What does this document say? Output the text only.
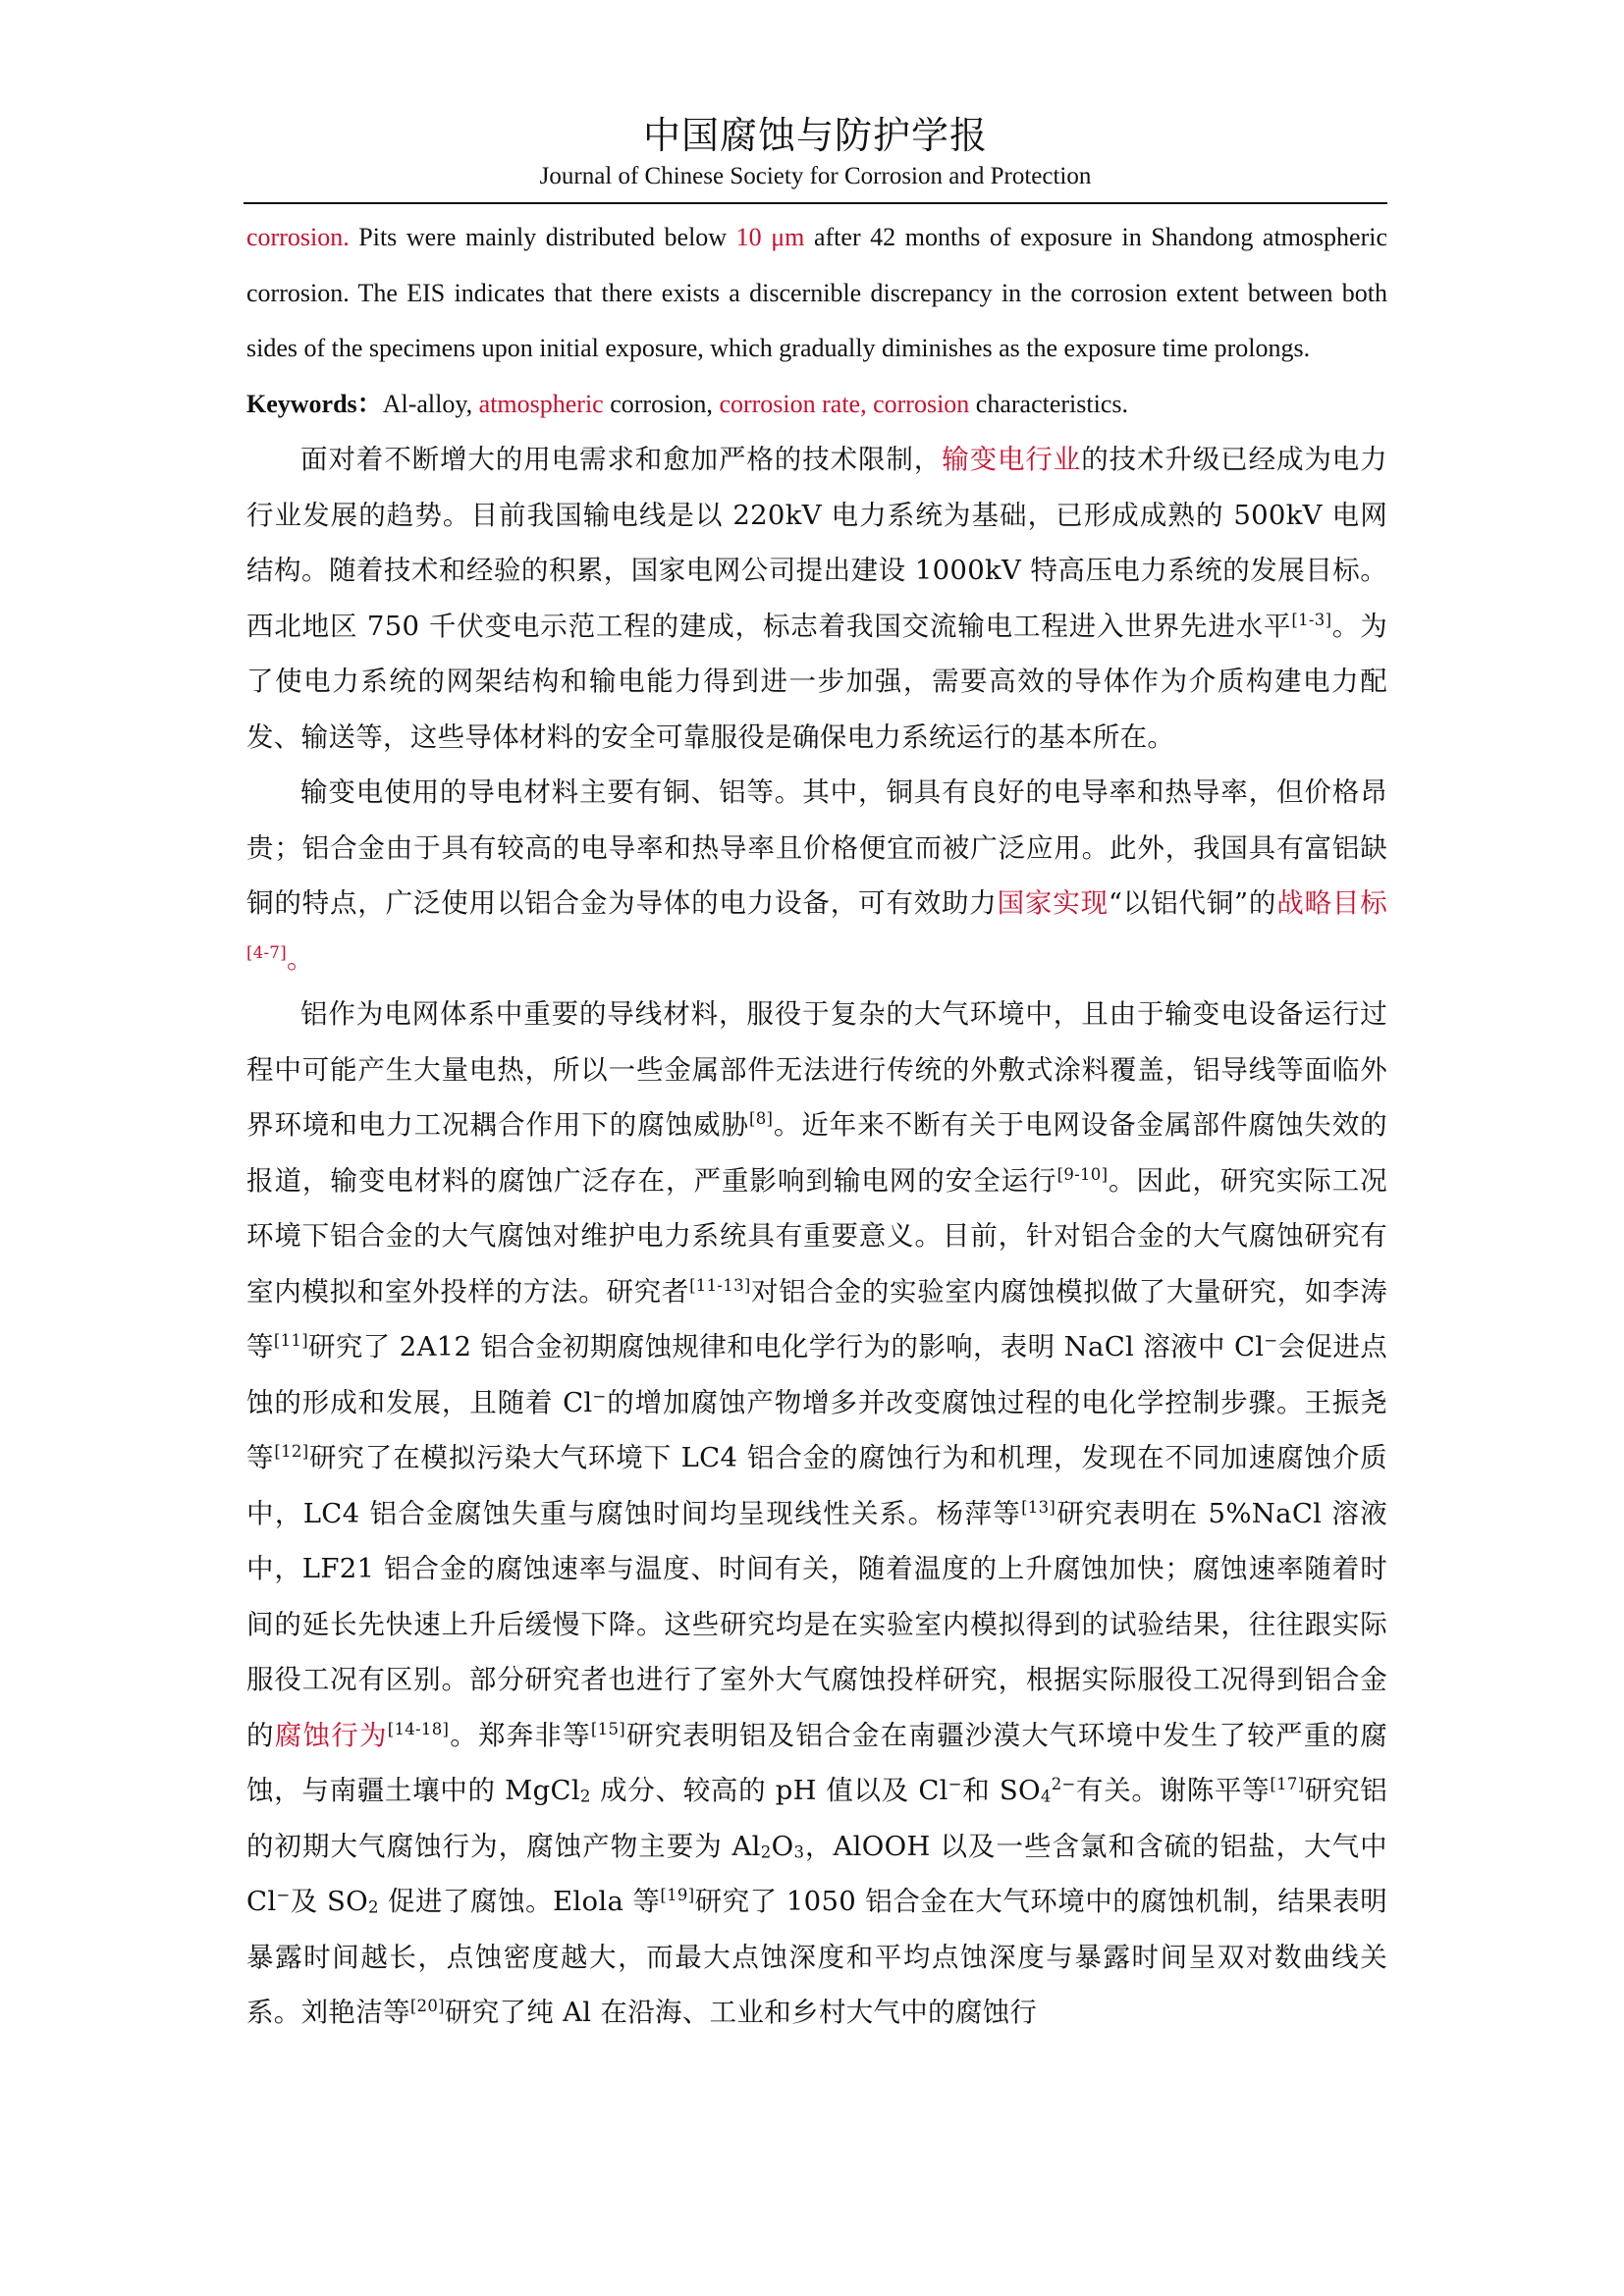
中国腐蚀与防护学报
Journal of Chinese Society for Corrosion and Protection

corrosion. Pits were mainly distributed below 10 μm after 42 months of exposure in Shandong atmospheric corrosion. The EIS indicates that there exists a discernible discrepancy in the corrosion extent between both sides of the specimens upon initial exposure, which gradually diminishes as the exposure time prolongs.

Keywords：Al-alloy, atmospheric corrosion, corrosion rate, corrosion characteristics.

面对着不断增大的用电需求和愈加严格的技术限制，输变电行业的技术升级已经成为电力行业发展的趋势。目前我国输电线是以 220kV 电力系统为基础，已形成成熟的 500kV 电网结构。随着技术和经验的积累，国家电网公司提出建设 1000kV 特高压电力系统的发展目标。西北地区 750 千伏变电示范工程的建成，标志着我国交流输电工程进入世界先进水平[1-3]。为了使电力系统的网架结构和输电能力得到进一步加强，需要高效的导体作为介质构建电力配发、输送等，这些导体材料的安全可靠服役是确保电力系统运行的基本所在。

输变电使用的导电材料主要有铜、铝等。其中，铜具有良好的电导率和热导率，但价格昂贵；铝合金由于具有较高的电导率和热导率且价格便宜而被广泛应用。此外，我国具有富铝缺铜的特点，广泛使用以铝合金为导体的电力设备，可有效助力国家实现“以铝代铜”的战略目标[4-7]。

铝作为电网体系中重要的导线材料，服役于复杂的大气环境中，且由于输变电设备运行过程中可能产生大量电热，所以一些金属部件无法进行传统的外敷式涂料覆盖，铝导线等面临外界环境和电力工况耦合作用下的腐蚀威胁[8]。近年来不断有关于电网设备金属部件腐蚀失效的报道，输变电材料的腐蚀广泛存在，严重影响到输电网的安全运行[9-10]。因此，研究实际工况环境下铝合金的大气腐蚀对维护电力系统具有重要意义。目前，针对铝合金的大气腐蚀研究有室内模拟和室外投样的方法。研究者[11-13]对铝合金的实验室内腐蚀模拟做了大量研究，如李涛等[11]研究了 2A12 铝合金初期腐蚀规律和电化学行为的影响，表明 NaCl 溶液中 Cl−会促进点蚀的形成和发展，且随着 Cl−的增加腐蚀产物增多并改变腐蚀过程的电化学控制步骤。王振尧等[12]研究了在模拟污染大气环境下 LC4 铝合金的腐蚀行为和机理，发现在不同加速腐蚀介质中，LC4 铝合金腐蚀失重与腐蚀时间均呈现线性关系。杨萍等[13]研究表明在 5%NaCl 溶液中，LF21 铝合金的腐蚀速率与温度、时间有关，随着温度的上升腐蚀加快；腐蚀速率随着时间的延长先快速上升后缓慢下降。这些研究均是在实验室内模拟得到的试验结果，往往跟实际服役工况有区别。部分研究者也进行了室外大气腐蚀投样研究，根据实际服役工况得到铝合金的腐蚀行为[14-18]。郑奔非等[15]研究表明铝及铝合金在南疆沙漠大气环境中发生了较严重的腐蚀，与南疆土壤中的 MgCl$_2$ 成分、较高的 pH 值以及 Cl−和 $SO_4^{2-}$有关。谢陈平等[17]研究铝的初期大气腐蚀行为，腐蚀产物主要为 $Al_2O_3$，AlOOH 以及一些含氯和含硫的铝盐，大气中 Cl−及 $SO_2$ 促进了腐蚀。Elola 等[19]研究了 1050 铝合金在大气环境中的腐蚀机制，结果表明暴露时间越长，点蚀密度越大，而最大点蚀深度和平均点蚀深度与暴露时间呈双对数曲线关系。刘艳洁等[20]研究了纯 Al 在沿海、工业和乡村大气中的腐蚀行
